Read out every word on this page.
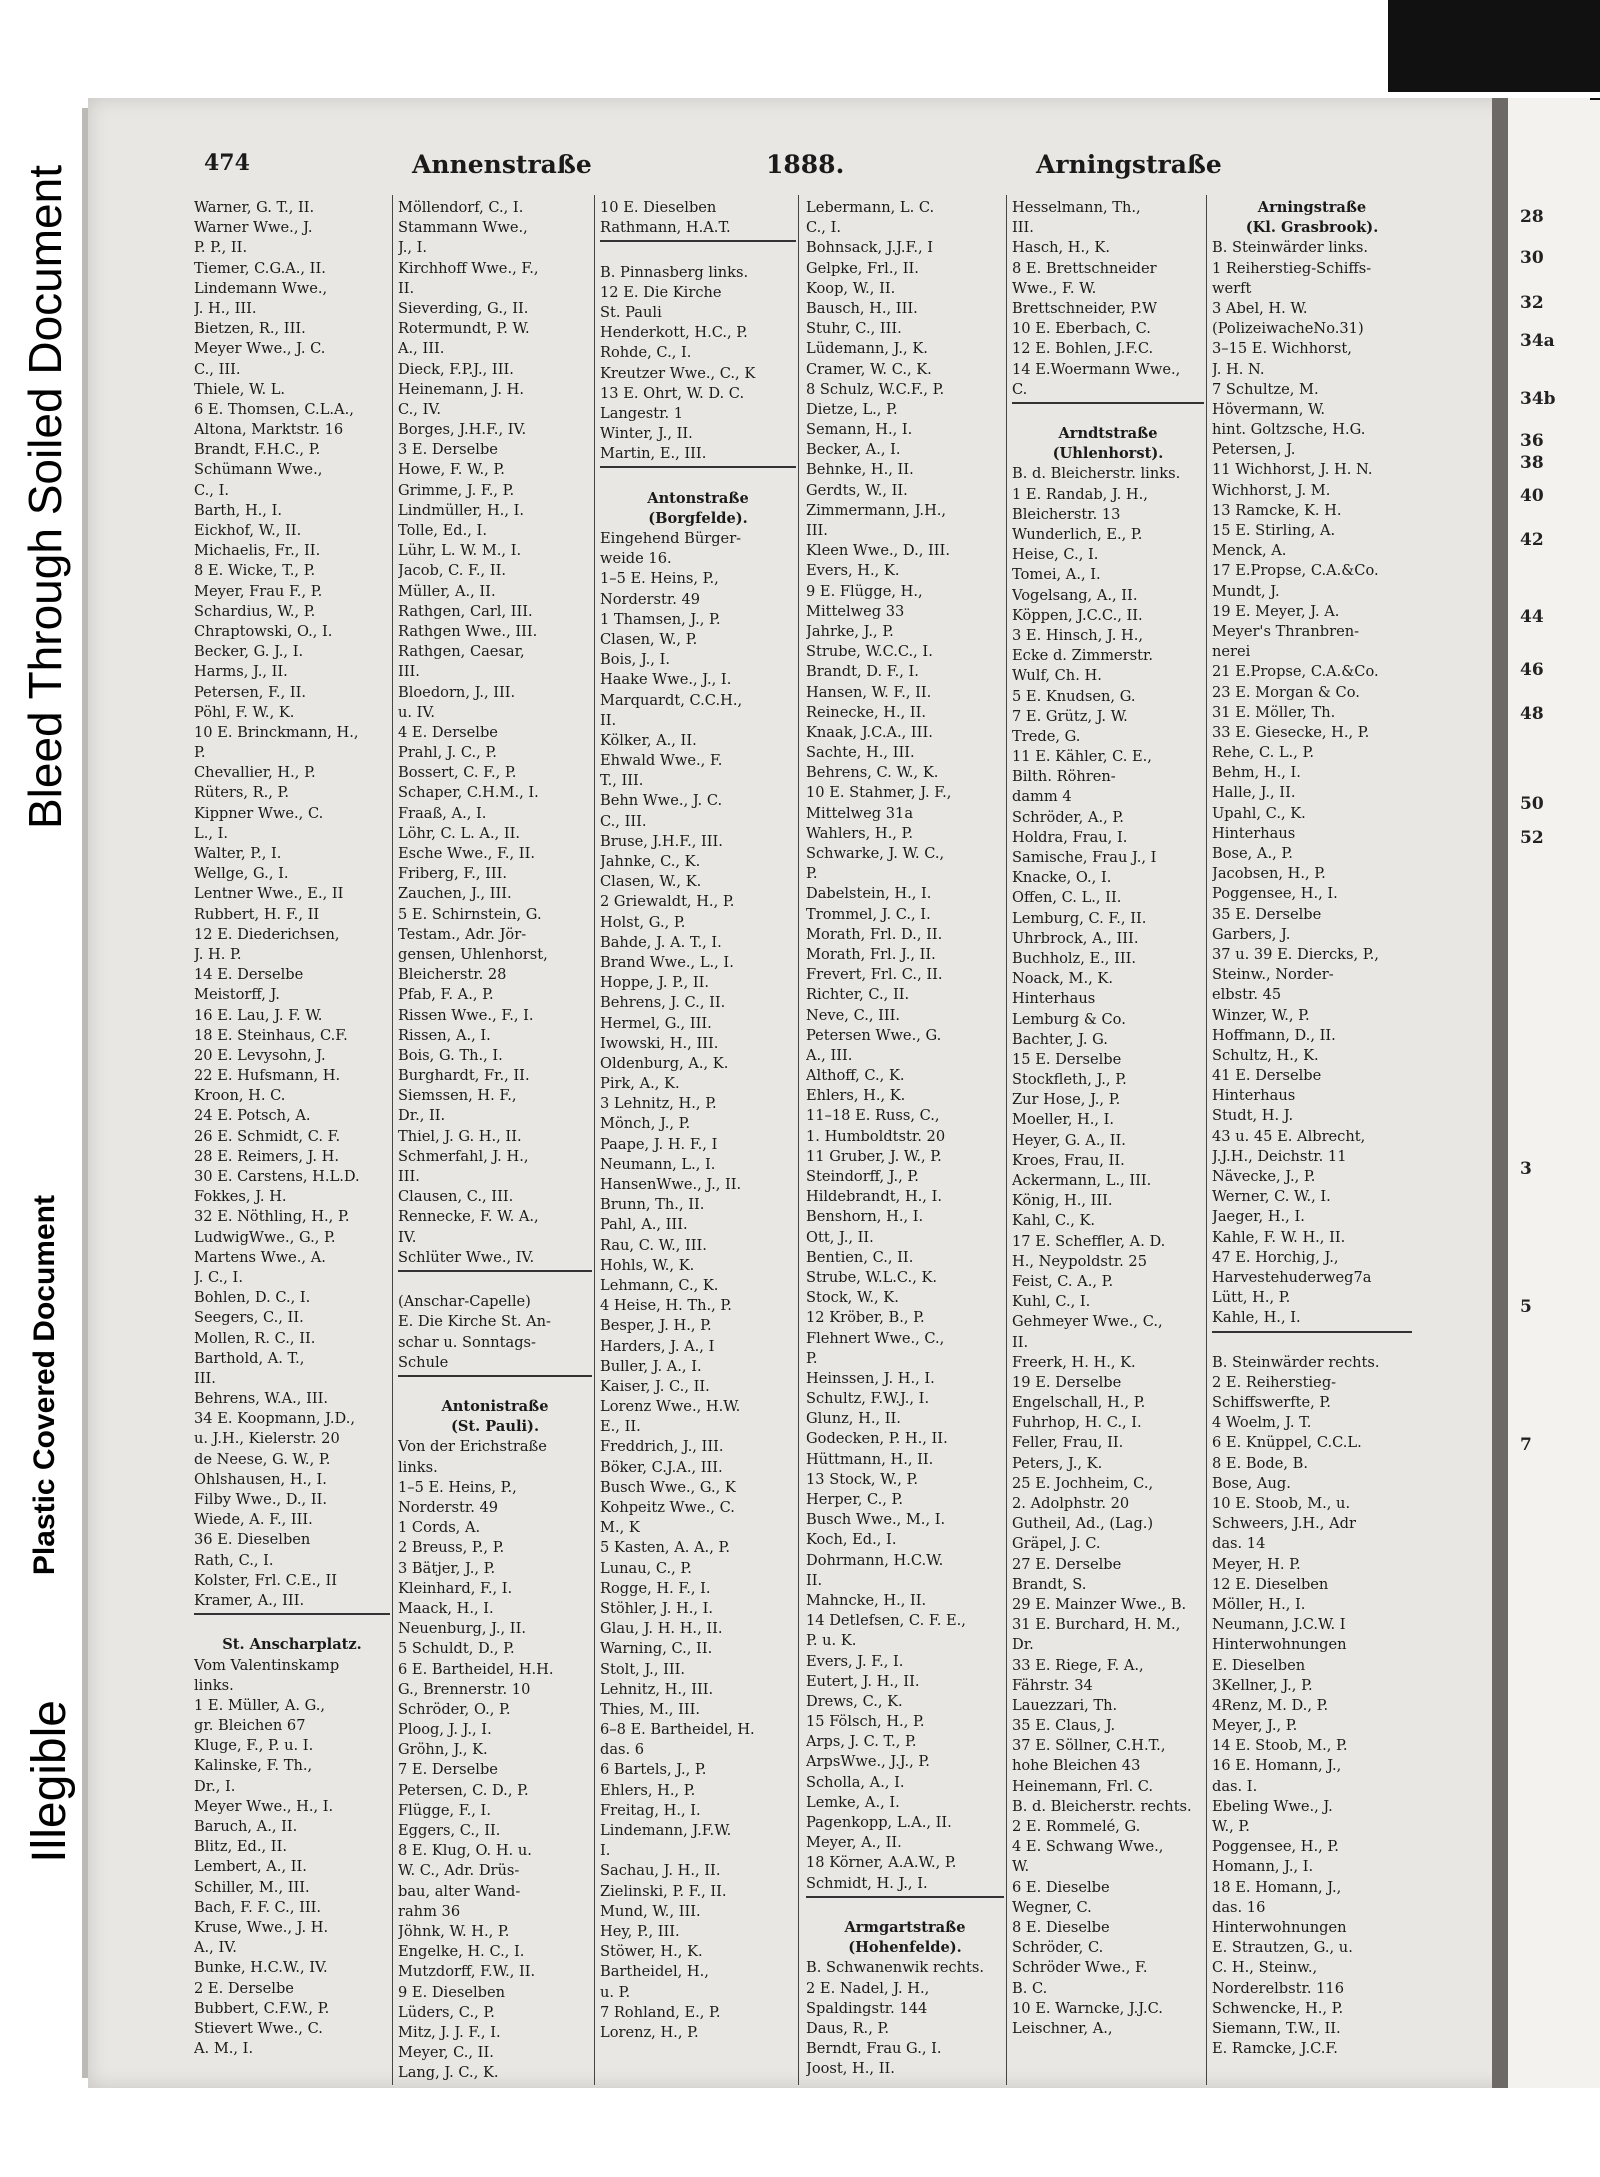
Bleed Through Soiled Document
Plastic Covered Document
Illegible
28
30
32
34a
34b
36
38
40
42
44
46
48
50
52
3
5
7
474	Annenstraße	1888.	Arningstraße
Warner, G. T., II.
Warner Wwe., J.
P. P., II.
Tiemer, C.G.A., II.
Lindemann Wwe.,
J. H., III.
Bietzen, R., III.
Meyer Wwe., J. C.
C., III.
Thiele, W. L.
6 E. Thomsen, C.L.A.,
Altona, Marktstr. 16
Brandt, F.H.C., P.
Schümann Wwe.,
C., I.
Barth, H., I.
Eickhof, W., II.
Michaelis, Fr., II.
8 E. Wicke, T., P.
Meyer, Frau F., P.
Schardius, W., P.
Chraptowski, O., I.
Becker, G. J., I.
Harms, J., II.
Petersen, F., II.
Pöhl, F. W., K.
10 E. Brinckmann, H.,
P.
Chevallier, H., P.
Rüters, R., P.
Kippner Wwe., C.
L., I.
Walter, P., I.
Wellge, G., I.
Lentner Wwe., E., II
Rubbert, H. F., II
12 E. Diederichsen,
J. H. P.
14 E. Derselbe
Meistorff, J.
16 E. Lau, J. F. W.
18 E. Steinhaus, C.F.
20 E. Levysohn, J.
22 E. Hufsmann, H.
Kroon, H. C.
24 E. Potsch, A.
26 E. Schmidt, C. F.
28 E. Reimers, J. H.
30 E. Carstens, H.L.D.
Fokkes, J. H.
32 E. Nöthling, H., P.
LudwigWwe., G., P.
Martens Wwe., A.
J. C., I.
Bohlen, D. C., I.
Seegers, C., II.
Mollen, R. C., II.
Barthold, A. T.,
III.
Behrens, W.A., III.
34 E. Koopmann, J.D.,
u. J.H., Kielerstr. 20
de Neese, G. W., P.
Ohlshausen, H., I.
Filby Wwe., D., II.
Wiede, A. F., III.
36 E. Dieselben
Rath, C., I.
Kolster, Frl. C.E., II
Kramer, A., III.
St. Anscharplatz.
Vom Valentinskamp
links.
1 E. Müller, A. G.,
gr. Bleichen 67
Kluge, F., P. u. I.
Kalinske, F. Th.,
Dr., I.
Meyer Wwe., H., I.
Baruch, A., II.
Blitz, Ed., II.
Lembert, A., II.
Schiller, M., III.
Bach, F. F. C., III.
Kruse, Wwe., J. H.
A., IV.
Bunke, H.C.W., IV.
2 E. Derselbe
Bubbert, C.F.W., P.
Stievert Wwe., C.
A. M., I.
Möllendorf, C., I.
Stammann Wwe.,
J., I.
Kirchhoff Wwe., F.,
II.
Sieverding, G., II.
Rotermundt, P. W.
A., III.
Dieck, F.P.J., III.
Heinemann, J. H.
C., IV.
Borges, J.H.F., IV.
3 E. Derselbe
Howe, F. W., P.
Grimme, J. F., P.
Lindmüller, H., I.
Tolle, Ed., I.
Lühr, L. W. M., I.
Jacob, C. F., II.
Müller, A., II.
Rathgen, Carl, III.
Rathgen Wwe., III.
Rathgen, Caesar,
III.
Bloedorn, J., III.
u. IV.
4 E. Derselbe
Prahl, J. C., P.
Bossert, C. F., P.
Schaper, C.H.M., I.
Fraaß, A., I.
Löhr, C. L. A., II.
Esche Wwe., F., II.
Friberg, F., III.
Zauchen, J., III.
5 E. Schirnstein, G.
Testam., Adr. Jör-
gensen, Uhlenhorst,
Bleicherstr. 28
Pfab, F. A., P.
Rissen Wwe., F., I.
Rissen, A., I.
Bois, G. Th., I.
Burghardt, Fr., II.
Siemssen, H. F.,
Dr., II.
Thiel, J. G. H., II.
Schmerfahl, J. H.,
III.
Clausen, C., III.
Rennecke, F. W. A.,
IV.
Schlüter Wwe., IV.
(Anschar-Capelle)
E. Die Kirche St. An-
schar u. Sonntags-
Schule
Antonistraße
(St. Pauli).
Von der Erichstraße
links.
1–5 E. Heins, P.,
Norderstr. 49
1 Cords, A.
2 Breuss, P., P.
3 Bätjer, J., P.
Kleinhard, F., I.
Maack, H., I.
Neuenburg, J., II.
5 Schuldt, D., P.
6 E. Bartheidel, H.H.
G., Brennerstr. 10
Schröder, O., P.
Ploog, J. J., I.
Gröhn, J., K.
7 E. Derselbe
Petersen, C. D., P.
Flügge, F., I.
Eggers, C., II.
8 E. Klug, O. H. u.
W. C., Adr. Drüs-
bau, alter Wand-
rahm 36
Jöhnk, W. H., P.
Engelke, H. C., I.
Mutzdorff, F.W., II.
9 E. Dieselben
Lüders, C., P.
Mitz, J. J. F., I.
Meyer, C., II.
Lang, J. C., K.
10 E. Dieselben
Rathmann, H.A.T.
B. Pinnasberg links.
12 E. Die Kirche
St. Pauli
Henderkott, H.C., P.
Rohde, C., I.
Kreutzer Wwe., C., K
13 E. Ohrt, W. D. C.
Langestr. 1
Winter, J., II.
Martin, E., III.
Antonstraße
(Borgfelde).
Eingehend Bürger-
weide 16.
1–5 E. Heins, P.,
Norderstr. 49
1 Thamsen, J., P.
Clasen, W., P.
Bois, J., I.
Haake Wwe., J., I.
Marquardt, C.C.H.,
II.
Kölker, A., II.
Ehwald Wwe., F.
T., III.
Behn Wwe., J. C.
C., III.
Bruse, J.H.F., III.
Jahnke, C., K.
Clasen, W., K.
2 Griewaldt, H., P.
Holst, G., P.
Bahde, J. A. T., I.
Brand Wwe., L., I.
Hoppe, J. P., II.
Behrens, J. C., II.
Hermel, G., III.
Iwowski, H., III.
Oldenburg, A., K.
Pirk, A., K.
3 Lehnitz, H., P.
Mönch, J., P.
Paape, J. H. F., I
Neumann, L., I.
HansenWwe., J., II.
Brunn, Th., II.
Pahl, A., III.
Rau, C. W., III.
Hohls, W., K.
Lehmann, C., K.
4 Heise, H. Th., P.
Besper, J. H., P.
Harders, J. A., I
Buller, J. A., I.
Kaiser, J. C., II.
Lorenz Wwe., H.W.
E., II.
Freddrich, J., III.
Böker, C.J.A., III.
Busch Wwe., G., K
Kohpeitz Wwe., C.
M., K
5 Kasten, A. A., P.
Lunau, C., P.
Rogge, H. F., I.
Stöhler, J. H., I.
Glau, J. H. H., II.
Warning, C., II.
Stolt, J., III.
Lehnitz, H., III.
Thies, M., III.
6–8 E. Bartheidel, H.
das. 6
6 Bartels, J., P.
Ehlers, H., P.
Freitag, H., I.
Lindemann, J.F.W.
I.
Sachau, J. H., II.
Zielinski, P. F., II.
Mund, W., III.
Hey, P., III.
Stöwer, H., K.
Bartheidel, H.,
u. P.
7 Rohland, E., P.
Lorenz, H., P.
Lebermann, L. C.
C., I.
Bohnsack, J.J.F., I
Gelpke, Frl., II.
Koop, W., II.
Bausch, H., III.
Stuhr, C., III.
Lüdemann, J., K.
Cramer, W. C., K.
8 Schulz, W.C.F., P.
Dietze, L., P.
Semann, H., I.
Becker, A., I.
Behnke, H., II.
Gerdts, W., II.
Zimmermann, J.H.,
III.
Kleen Wwe., D., III.
Evers, H., K.
9 E. Flügge, H.,
Mittelweg 33
Jahrke, J., P.
Strube, W.C.C., I.
Brandt, D. F., I.
Hansen, W. F., II.
Reinecke, H., II.
Knaak, J.C.A., III.
Sachte, H., III.
Behrens, C. W., K.
10 E. Stahmer, J. F.,
Mittelweg 31a
Wahlers, H., P.
Schwarke, J. W. C.,
P.
Dabelstein, H., I.
Trommel, J. C., I.
Morath, Frl. D., II.
Morath, Frl. J., II.
Frevert, Frl. C., II.
Richter, C., II.
Neve, C., III.
Petersen Wwe., G.
A., III.
Althoff, C., K.
Ehlers, H., K.
11–18 E. Russ, C.,
1. Humboldtstr. 20
11 Gruber, J. W., P.
Steindorff, J., P.
Hildebrandt, H., I.
Benshorn, H., I.
Ott, J., II.
Bentien, C., II.
Strube, W.L.C., K.
Stock, W., K.
12 Kröber, B., P.
Flehnert Wwe., C.,
P.
Heinssen, J. H., I.
Schultz, F.W.J., I.
Glunz, H., II.
Godecken, P. H., II.
Hüttmann, H., II.
13 Stock, W., P.
Herper, C., P.
Busch Wwe., M., I.
Koch, Ed., I.
Dohrmann, H.C.W.
II.
Mahncke, H., II.
14 Detlefsen, C. F. E.,
P. u. K.
Evers, J. F., I.
Eutert, J. H., II.
Drews, C., K.
15 Fölsch, H., P.
Arps, J. C. T., P.
ArpsWwe., J.J., P.
Scholla, A., I.
Lemke, A., I.
Pagenkopp, L.A., II.
Meyer, A., II.
18 Körner, A.A.W., P.
Schmidt, H. J., I.
Armgartstraße
(Hohenfelde).
B. Schwanenwik rechts.
2 E. Nadel, J. H.,
Spaldingstr. 144
Daus, R., P.
Berndt, Frau G., I.
Joost, H., II.
Hesselmann, Th.,
III.
Hasch, H., K.
8 E. Brettschneider
Wwe., F. W.
Brettschneider, P.W
10 E. Eberbach, C.
12 E. Bohlen, J.F.C.
14 E.Woermann Wwe.,
C.
Arndtstraße
(Uhlenhorst).
B. d. Bleicherstr. links.
1 E. Randab, J. H.,
Bleicherstr. 13
Wunderlich, E., P.
Heise, C., I.
Tomei, A., I.
Vogelsang, A., II.
Köppen, J.C.C., II.
3 E. Hinsch, J. H.,
Ecke d. Zimmerstr.
Wulf, Ch. H.
5 E. Knudsen, G.
7 E. Grütz, J. W.
Trede, G.
11 E. Kähler, C. E.,
Bilth. Röhren-
damm 4
Schröder, A., P.
Holdra, Frau, I.
Samische, Frau J., I
Knacke, O., I.
Offen, C. L., II.
Lemburg, C. F., II.
Uhrbrock, A., III.
Buchholz, E., III.
Noack, M., K.
Hinterhaus
Lemburg & Co.
Bachter, J. G.
15 E. Derselbe
Stockfleth, J., P.
Zur Hose, J., P.
Moeller, H., I.
Heyer, G. A., II.
Kroes, Frau, II.
Ackermann, L., III.
König, H., III.
Kahl, C., K.
17 E. Scheffler, A. D.
H., Neypoldstr. 25
Feist, C. A., P.
Kuhl, C., I.
Gehmeyer Wwe., C.,
II.
Freerk, H. H., K.
19 E. Derselbe
Engelschall, H., P.
Fuhrhop, H. C., I.
Feller, Frau, II.
Peters, J., K.
25 E. Jochheim, C.,
2. Adolphstr. 20
Gutheil, Ad., (Lag.)
Gräpel, J. C.
27 E. Derselbe
Brandt, S.
29 E. Mainzer Wwe., B.
31 E. Burchard, H. M.,
Dr.
33 E. Riege, F. A.,
Fährstr. 34
Lauezzari, Th.
35 E. Claus, J.
37 E. Söllner, C.H.T.,
hohe Bleichen 43
Heinemann, Frl. C.
B. d. Bleicherstr. rechts.
2 E. Rommelé, G.
4 E. Schwang Wwe.,
W.
6 E. Dieselbe
Wegner, C.
8 E. Dieselbe
Schröder, C.
Schröder Wwe., F.
B. C.
10 E. Warncke, J.J.C.
Leischner, A.,
Arningstraße
(Kl. Grasbrook).
B. Steinwärder links.
1 Reiherstieg-Schiffs-
werft
3 Abel, H. W.
(PolizeiwacheNo.31)
3–15 E. Wichhorst,
J. H. N.
7 Schultze, M.
Hövermann, W.
hint. Goltzsche, H.G.
Petersen, J.
11 Wichhorst, J. H. N.
Wichhorst, J. M.
13 Ramcke, K. H.
15 E. Stirling, A.
Menck, A.
17 E.Propse, C.A.&Co.
Mundt, J.
19 E. Meyer, J. A.
Meyer's Thranbren-
nerei
21 E.Propse, C.A.&Co.
23 E. Morgan & Co.
31 E. Möller, Th.
33 E. Giesecke, H., P.
Rehe, C. L., P.
Behm, H., I.
Halle, J., II.
Upahl, C., K.
Hinterhaus
Bose, A., P.
Jacobsen, H., P.
Poggensee, H., I.
35 E. Derselbe
Garbers, J.
37 u. 39 E. Diercks, P.,
Steinw., Norder-
elbstr. 45
Winzer, W., P.
Hoffmann, D., II.
Schultz, H., K.
41 E. Derselbe
Hinterhaus
Studt, H. J.
43 u. 45 E. Albrecht,
J.J.H., Deichstr. 11
Nävecke, J., P.
Werner, C. W., I.
Jaeger, H., I.
Kahle, F. W. H., II.
47 E. Horchig, J.,
Harvestehuderweg7a
Lütt, H., P.
Kahle, H., I.
B. Steinwärder rechts.
2 E. Reiherstieg-
Schiffswerfte, P.
4 Woelm, J. T.
6 E. Knüppel, C.C.L.
8 E. Bode, B.
Bose, Aug.
10 E. Stoob, M., u.
Schweers, J.H., Adr
das. 14
Meyer, H. P.
12 E. Dieselben
Möller, H., I.
Neumann, J.C.W. I
Hinterwohnungen
E. Dieselben
3Kellner, J., P.
4Renz, M. D., P.
Meyer, J., P.
14 E. Stoob, M., P.
16 E. Homann, J.,
das. I.
Ebeling Wwe., J.
W., P.
Poggensee, H., P.
Homann, J., I.
18 E. Homann, J.,
das. 16
Hinterwohnungen
E. Strautzen, G., u.
C. H., Steinw.,
Norderelbstr. 116
Schwencke, H., P.
Siemann, T.W., II.
E. Ramcke, J.C.F.
